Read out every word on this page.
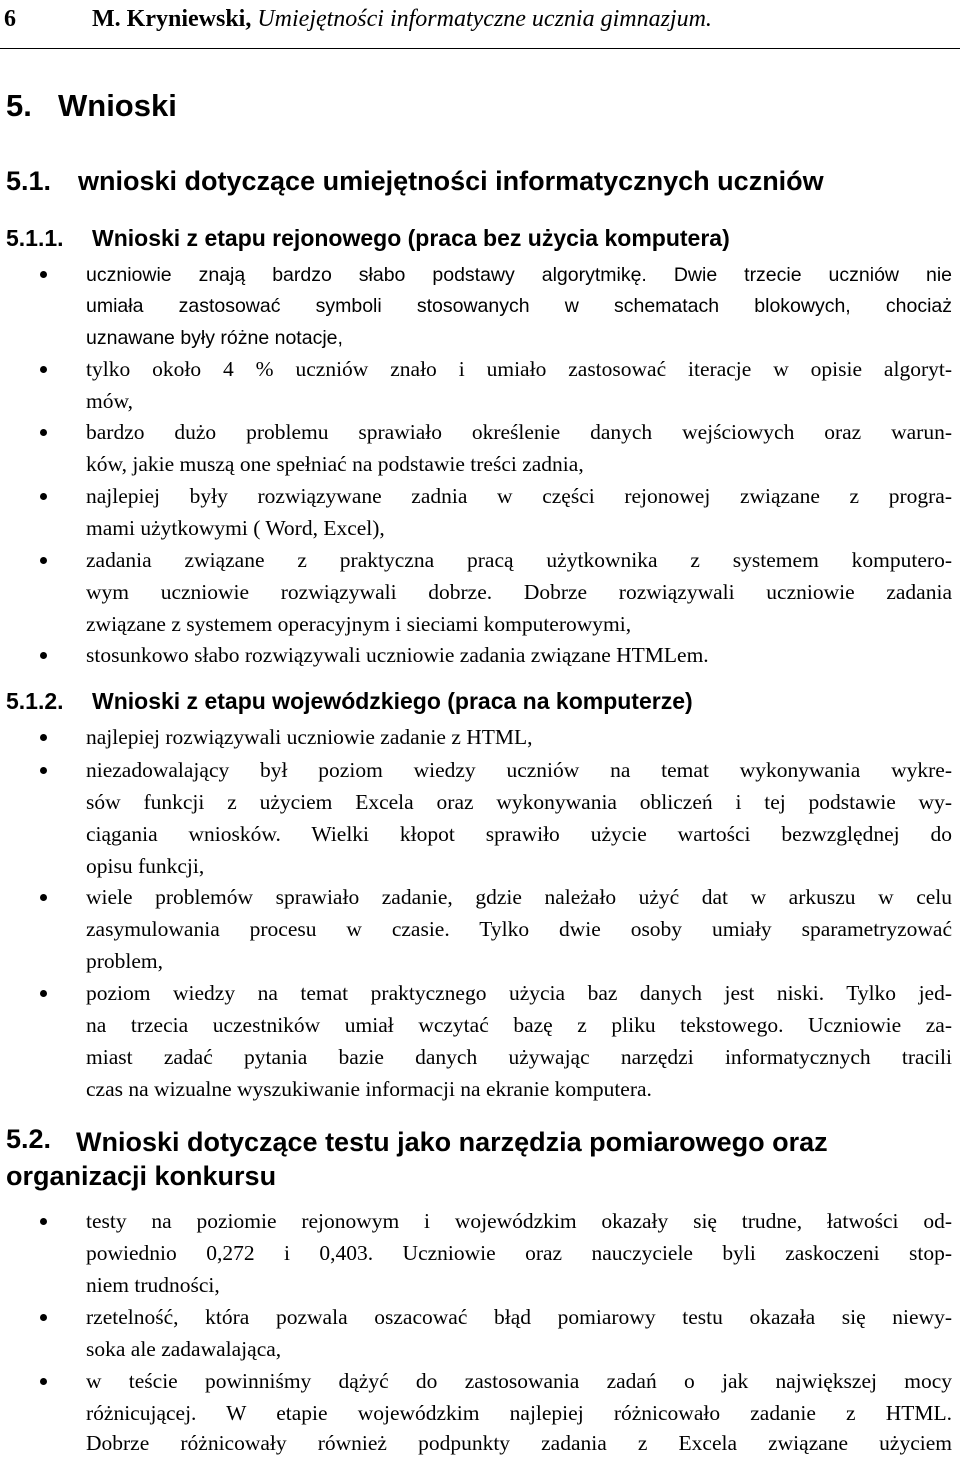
6	M. Kryniewski, Umiejętności informatyczne ucznia gimnazjum.
5. Wnioski
5.1. wnioski dotyczące umiejętności informatycznych uczniów
5.1.1. Wnioski z etapu rejonowego (praca bez użycia komputera)
uczniowie znają bardzo słabo podstawy algorytmikę. Dwie trzecie uczniów nie
umiała zastosować symboli stosowanych w schematach blokowych, chociaż
uznawane były różne notacje,
tylko około 4 % uczniów znało i umiało zastosować iteracje w opisie algoryt-
mów,
bardzo dużo problemu sprawiało określenie danych wejściowych oraz warun-
ków, jakie muszą one spełniać na podstawie treści zadnia,
najlepiej były rozwiązywane zadnia w części rejonowej związane z progra-
mami użytkowymi ( Word, Excel),
zadania związane z praktyczna pracą użytkownika z systemem komputero-
wym uczniowie rozwiązywali dobrze. Dobrze rozwiązywali uczniowie zadania
związane z systemem operacyjnym i sieciami komputerowymi,
stosunkowo słabo rozwiązywali uczniowie zadania związane HTMLem.
5.1.2. Wnioski z etapu wojewódzkiego (praca na komputerze)
najlepiej rozwiązywali uczniowie zadanie z HTML,
niezadowalający był poziom wiedzy uczniów na temat wykonywania wykre-
sów funkcji z użyciem Excela oraz wykonywania obliczeń i tej podstawie wy-
ciągania wniosków. Wielki kłopot sprawiło użycie wartości bezwzględnej do
opisu funkcji,
wiele problemów sprawiało zadanie, gdzie należało użyć dat w arkuszu w celu
zasymulowania procesu w czasie. Tylko dwie osoby umiały sparametryzować
problem,
poziom wiedzy na temat praktycznego użycia baz danych jest niski. Tylko jed-
na trzecia uczestników umiał wczytać bazę z pliku tekstowego. Uczniowie za-
miast zadać pytania bazie danych używając narzędzi informatycznych tracili
czas na wizualne wyszukiwanie informacji na ekranie komputera.
5.2. Wnioski dotyczące testu jako narzędzia pomiarowego oraz
organizacji konkursu
testy na poziomie rejonowym i wojewódzkim okazały się trudne, łatwości od-
powiednio 0,272 i 0,403. Uczniowie oraz nauczyciele byli zaskoczeni stop-
niem trudności,
rzetelność, która pozwala oszacować błąd pomiarowy testu okazała się niewy-
soka ale zadawalająca,
w teście powinniśmy dążyć do zastosowania zadań o jak największej mocy
różnicującej. W etapie wojewódzkim najlepiej różnicowało zadanie z HTML.
Dobrze różnicowały również podpunkty zadania z Excela związane użyciem
